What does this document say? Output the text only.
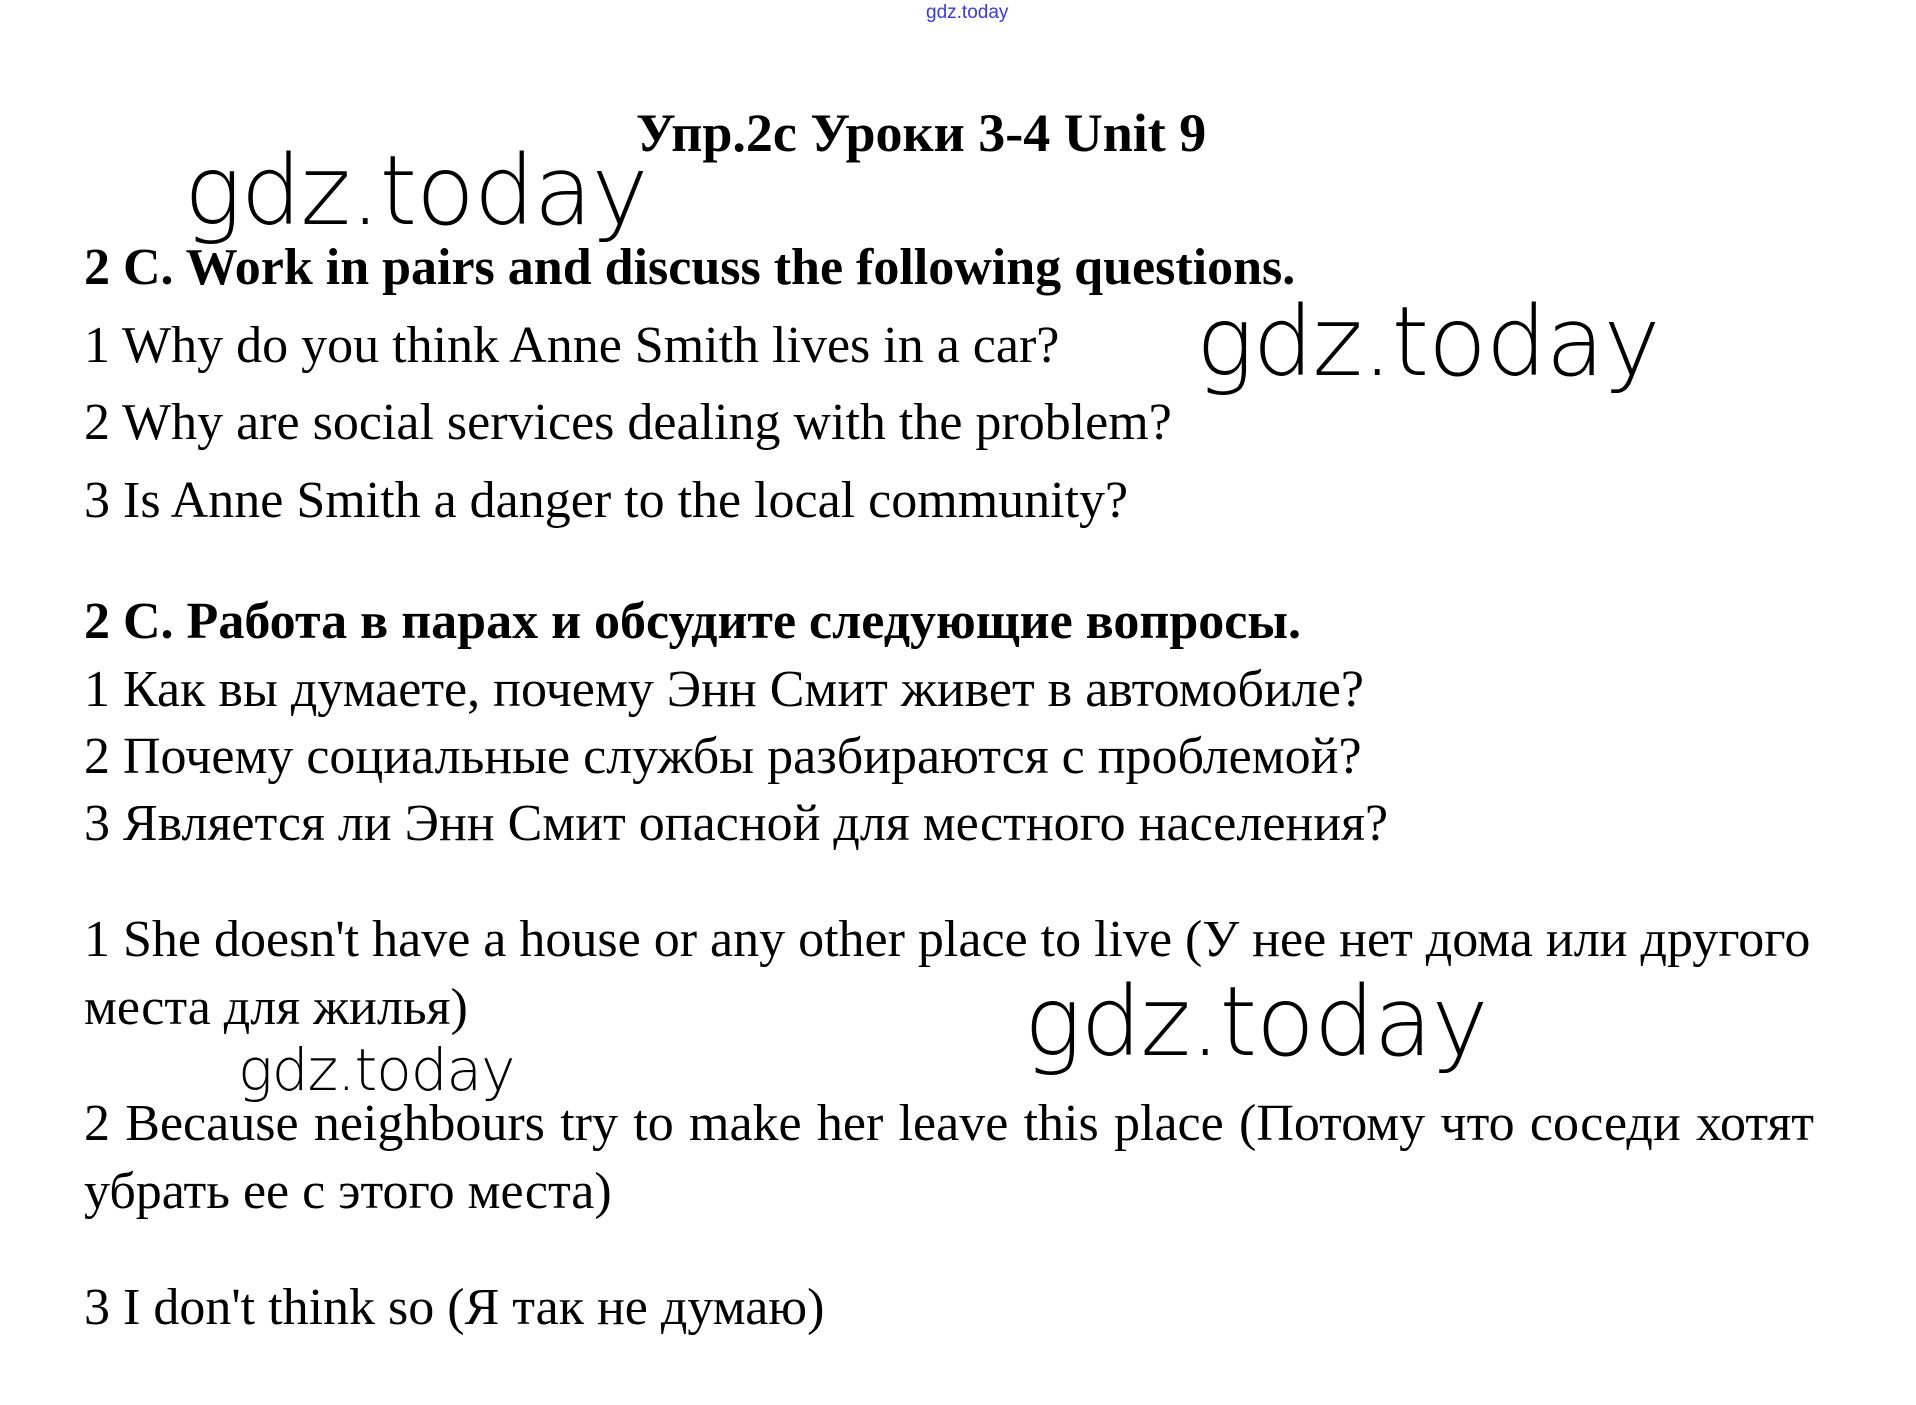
gdz.today
Упр.2c Уроки 3-4 Unit 9
gdz.today
2 C. Work in pairs and discuss the following questions.
1 Why do you think Anne Smith lives in a car?
2 Why are social services dealing with the problem?
3 Is Anne Smith a danger to the local community?
gdz.today
2 С. Работа в парах и обсудите следующие вопросы.
1 Как вы думаете, почему Энн Смит живет в автомобиле?
2 Почему социальные службы разбираются с проблемой?
3 Является ли Энн Смит опасной для местного населения?
1 She doesn't have a house or any other place to live (У нее нет дома или другого места для жилья)	gdz.today
gdz.today
2 Because neighbours try to make her leave this place (Потому что соседи хотят убрать ее с этого места)
3 I don't think so (Я так не думаю)
